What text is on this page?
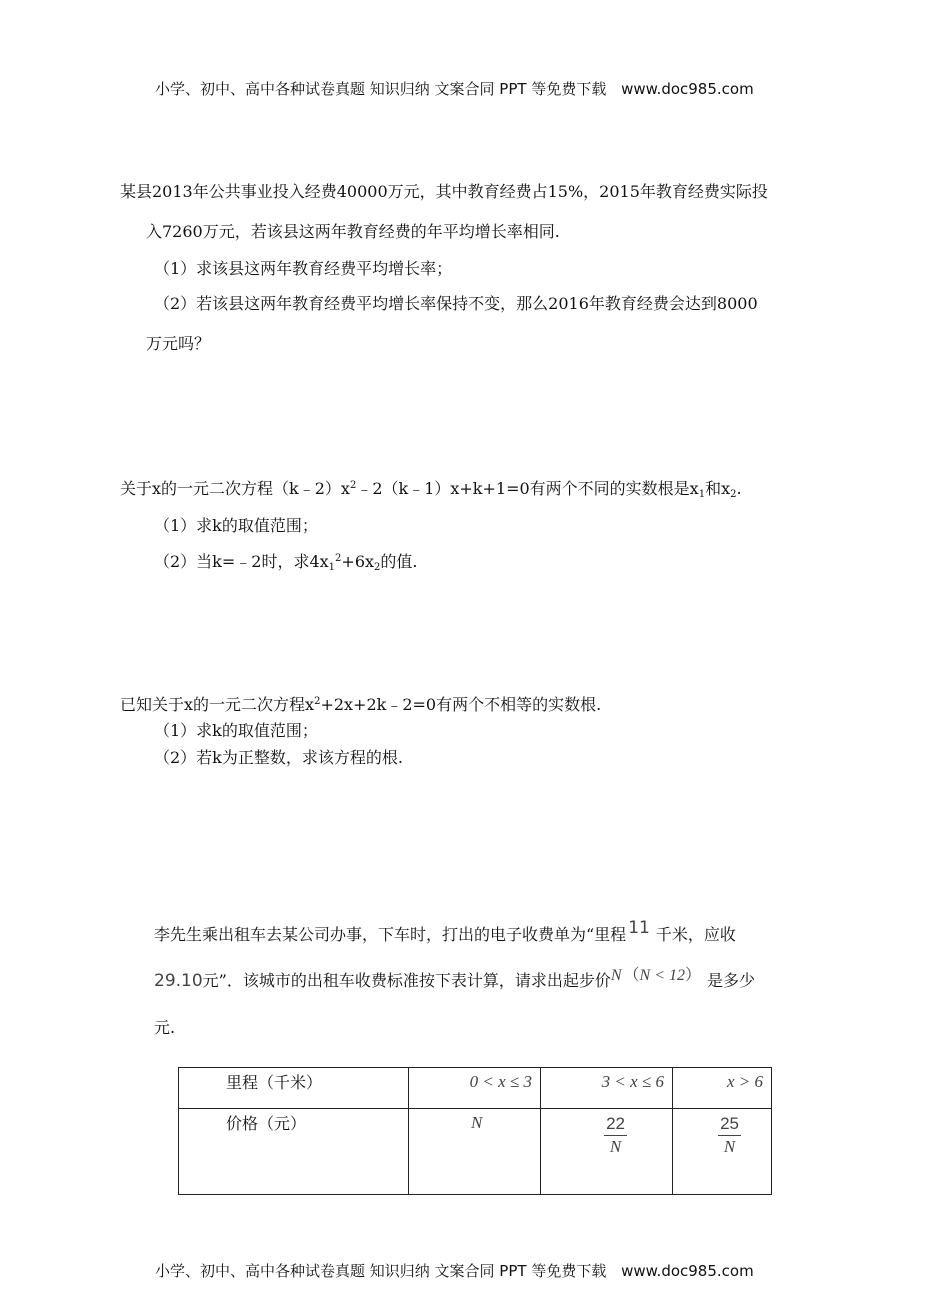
小学、初中、高中各种试卷真题 知识归纳 文案合同 PPT 等免费下载 www.doc985.com
某县2013年公共事业投入经费40000万元，其中教育经费占15%，2015年教育经费实际投
入7260万元，若该县这两年教育经费的年平均增长率相同.
（1）求该县这两年教育经费平均增长率；
（2）若该县这两年教育经费平均增长率保持不变，那么2016年教育经费会达到8000
万元吗？
关于x的一元二次方程$(k﹣2)x^2﹣2(k﹣1)x+k+1=0$有两个不同的实数根是$x_1$和$x_2$.
（1）求k的取值范围；
（2）当k=﹣2时，求$4x_1^2+6x_2$的值.
已知关于x的一元二次方程$x^2+2x+2k﹣2=0$有两个不相等的实数根.
（1）求k的取值范围；
（2）若k为正整数，求该方程的根.
李先生乘出租车去某公司办事，下车时，打出的电子收费单为“里程 11 千米，应收
29.10元”．该城市的出租车收费标准按下表计算，请求出起步价N （N < 12） 是多少
元.
里程（千米）	0 < x ≤ 3	3 < x ≤ 6	x > 6

价格（元）	N	$\frac{22}{N}$	$\frac{25}{N}$
小学、初中、高中各种试卷真题 知识归纳 文案合同 PPT 等免费下载 www.doc985.com
